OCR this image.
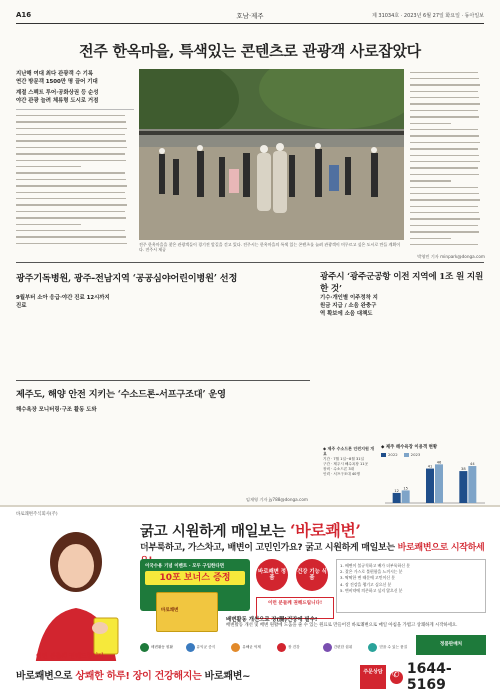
A16	호남·제주	제 31034호 · 2023년 6월 27일 화요일 · 동아일보
전주 한옥마을, 특색있는 콘텐츠로 관광객 사로잡았다
지난해 여대 최다 관광객 수 기록
연간 방문객 1500만 명 끌어 기대
계절 스펙트 투어·공화상권 등 순성
야간 관광 늘려 체류형 도시로 거점
전주 한옥마을을 찾은 관광객들이 경기전 앞길을 걷고 있다. 전주시는 한옥마을의 특색 있는 콘텐츠를 늘려 관광객이 머무르고 싶은 도시로 만들 계획이다. 전주시 제공
박영민 기자 minpark@donga.com
광주기독병원, 광주-전남지역 ‘공공심야어린이병원’ 선정
9월부터 소아 응급·야간 진료 12시까지 진료
광주시 ‘광주군공항 이전 지역에 1조 원 지원한 것’
기수·개인별 이주정착 지원금 지급 / 소음 완충구역 확보에 소음 대책도
제주도, 해양 안전 지키는 ‘수소드론-서프구조대’ 운영
해수욕장 모니터링·구조 활동 도와
임재영 기자 jy788@donga.com
◆ 제주 수소드론 안전지원 개요
기간 · 7월 1일~8월 31일
구간 · 제주시 해수욕장 11곳
장비 · 수소드론 3대
인력 · 서프구조대 40명
◆ 제주 해수욕장 이용객 현황
2022	2023
12
15
41
46
38
44
바로쾌변주식회사(주)
이런 분들께 권해드립니다
굵고 시원하게 매일보는 ‘바로쾌변’
더부룩하고, 가스차고, 배변이 고민인가요? 굵고 시원하게 매일보는 바로쾌변으로 시작하세
이국수용 기념 이벤트 · 모두 구입한다면
10포 보너스 증정
바로쾌변
바로쾌변 정품
건강 기능 식품
1. 배변이 불규칙하고 배가 더부룩하신 분
2. 잦은 가스로 불편함을 느끼시는 분
3. 딱딱한 변 때문에 고민이신 분
4. 장 건강을 챙기고 싶으신 분
5. 변비약에 의존하고 싶지 않으신 분
이런 분들께 권해드립니다!
배변활동 개선으로 장(腸)건강에 필수!
배변활동 개선 및 배변 원활에 도움을 줄 수 있는 원료로 만들어진 바로쾌변으로 매일 아침을 가볍고 상쾌하게 시작하세요.
배변활동 원활	유익균 증식	유해균 억제	장 건강	간편한 섭취	믿을 수 있는 품질	정품판매처
바로쾌변으로 상쾌한 하루! 장이 건강해지는 바로쾌변~	주문상담
✆ 1644-5169
